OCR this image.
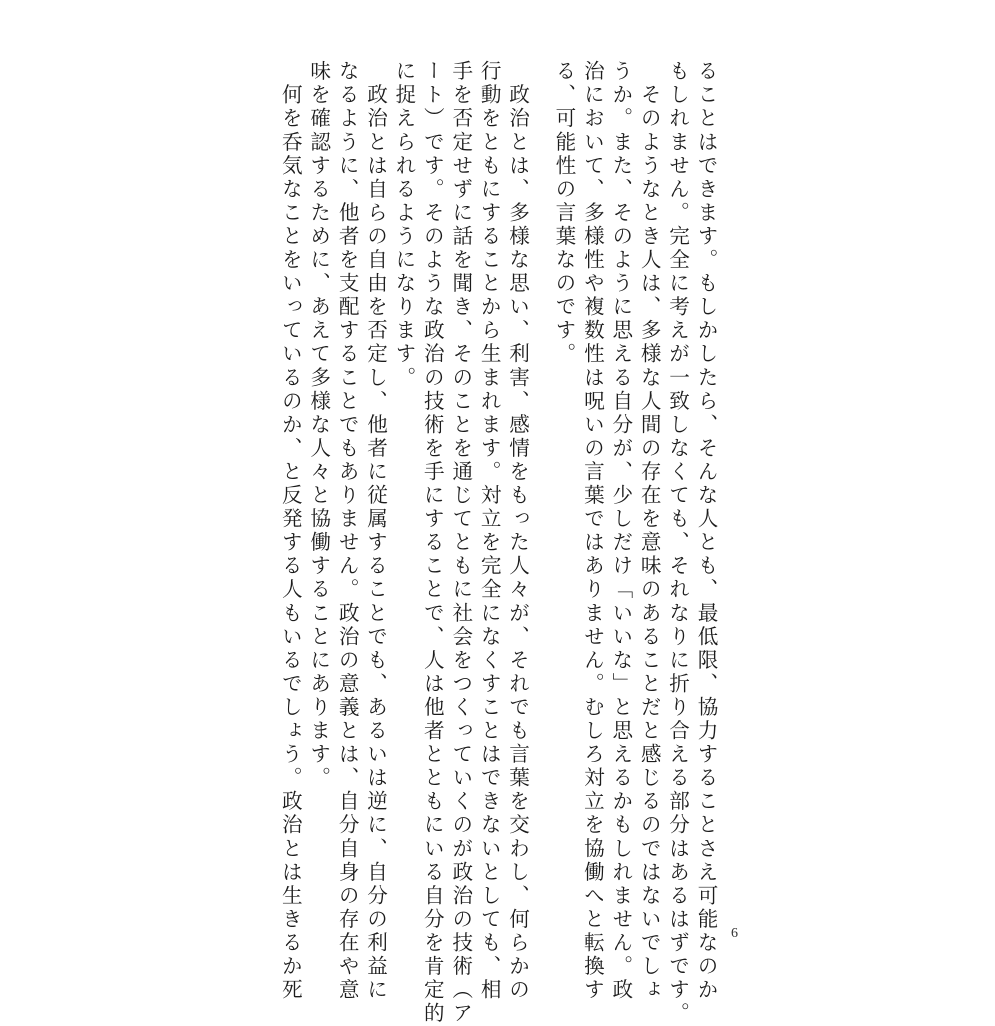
ることはできます。もしかしたら、そんな人とも、最低限、協力することさえ可能なのか
もしれません。完全に考えが一致しなくても、それなりに折り合える部分はあるはずです。
　そのようなとき人は、多様な人間の存在を意味のあることだと感じるのではないでしょ
うか。また、そのように思える自分が、少しだけ「いいな」と思えるかもしれません。政
治において、多様性や複数性は呪いの言葉ではありません。むしろ対立を協働へと転換す
る、可能性の言葉なのです。
　政治とは、多様な思い、利害、感情をもった人々が、それでも言葉を交わし、何らかの
行動をともにすることから生まれます。対立を完全になくすことはできないとしても、相
手を否定せずに話を聞き、そのことを通じてともに社会をつくっていくのが政治の技術（ア
ート）です。そのような政治の技術を手にすることで、人は他者とともにいる自分を肯定的
に捉えられるようになります。
　政治とは自らの自由を否定し、他者に従属することでも、あるいは逆に、自分の利益に
なるように、他者を支配することでもありません。政治の意義とは、自分自身の存在や意
味を確認するために、あえて多様な人々と協働することにあります。
　何を呑気なことをいっているのか、と反発する人もいるでしょう。政治とは生きるか死	6
